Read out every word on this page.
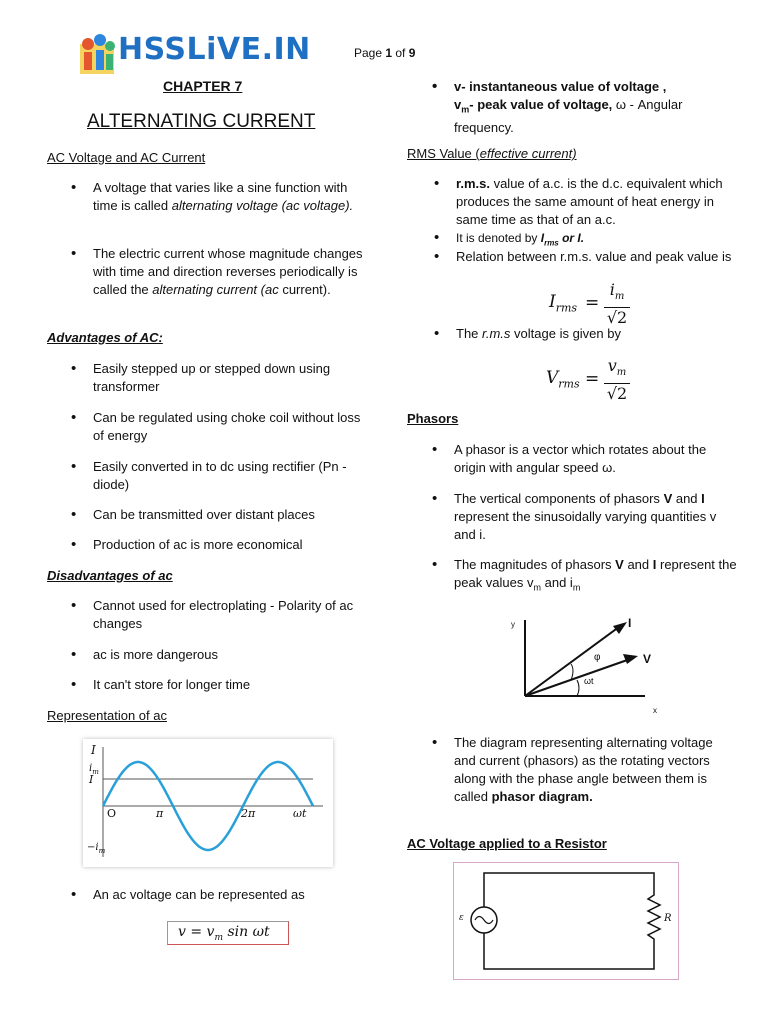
HSSLiVE.IN	Page 1 of 9
CHAPTER 7
ALTERNATING CURRENT
AC Voltage and AC Current
• A voltage that varies like a sine function with time is called alternating voltage (ac voltage).
• The electric current whose magnitude changes with time and direction reverses periodically is called the alternating current (ac current).
Advantages of AC:
• Easily stepped up or stepped down using transformer
• Can be regulated using choke coil without loss of energy
• Easily converted in to dc using rectifier (Pn - diode)
• Can be transmitted over distant places
• Production of ac is more economical
Disadvantages of ac
• Cannot used for electroplating - Polarity of ac changes
• ac is more dangerous
• It can't store for longer time
Representation of ac
I
$i_m$
I
$-i_m$
O	π	2π	ωt
• An ac voltage can be represented as
$v = v_m$ sin ωt
• v- instantaneous value of voltage ,
$v_m-$ peak value of voltage, ω - Angular frequency.
RMS Value (effective current)
• r.m.s. value of a.c. is the d.c. equivalent which produces the same amount of heat energy in same time as that of an a.c.
• It is denoted by $I_{rms}$ or I.
• Relation between r.m.s. value and peak value is
$I_{rms}$ =
$i_m$
√2
• The r.m.s voltage is given by
$V_{rms}$ =
$v_m$
√2
Phasors
• A phasor is a vector which rotates about the origin with angular speed ω.
• The vertical components of phasors V and I represent the sinusoidally varying quantities v and i.
• The magnitudes of phasors V and I represent the peak values $v_m$ and $i_m$
y
x
I
V
φ
ωt
• The diagram representing alternating voltage and current (phasors) as the rotating vectors along with the phase angle between them is called phasor diagram.
AC Voltage applied to a Resistor
ε	R
